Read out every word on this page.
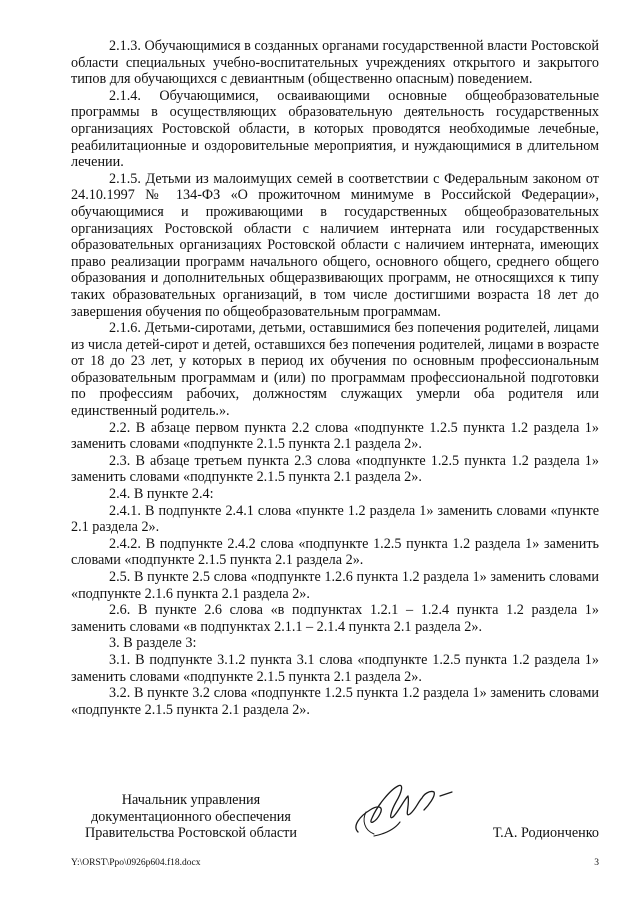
2.1.3. Обучающимися в созданных органами государственной власти Ростовской области специальных учебно-воспитательных учреждениях открытого и закрытого типов для обучающихся с девиантным (общественно опасным) поведением.

2.1.4. Обучающимися, осваивающими основные общеобразовательные программы в осуществляющих образовательную деятельность государственных организациях Ростовской области, в которых проводятся необходимые лечебные, реабилитационные и оздоровительные мероприятия, и нуждающимися в длительном лечении.

2.1.5. Детьми из малоимущих семей в соответствии с Федеральным законом от 24.10.1997 № 134-ФЗ «О прожиточном минимуме в Российской Федерации», обучающимися и проживающими в государственных общеобразовательных организациях Ростовской области с наличием интерната или государственных образовательных организациях Ростовской области с наличием интерната, имеющих право реализации программ начального общего, основного общего, среднего общего образования и дополнительных общеразвивающих программ, не относящихся к типу таких образовательных организаций, в том числе достигшими возраста 18 лет до завершения обучения по общеобразовательным программам.

2.1.6. Детьми-сиротами, детьми, оставшимися без попечения родителей, лицами из числа детей-сирот и детей, оставшихся без попечения родителей, лицами в возрасте от 18 до 23 лет, у которых в период их обучения по основным профессиональным образовательным программам и (или) по программам профессиональной подготовки по профессиям рабочих, должностям служащих умерли оба родителя или единственный родитель.».

2.2. В абзаце первом пункта 2.2 слова «подпункте 1.2.5 пункта 1.2 раздела 1» заменить словами «подпункте 2.1.5 пункта 2.1 раздела 2».

2.3. В абзаце третьем пункта 2.3 слова «подпункте 1.2.5 пункта 1.2 раздела 1» заменить словами «подпункте 2.1.5 пункта 2.1 раздела 2».

2.4. В пункте 2.4:

2.4.1. В подпункте 2.4.1 слова «пункте 1.2 раздела 1» заменить словами «пункте 2.1 раздела 2».

2.4.2. В подпункте 2.4.2 слова «подпункте 1.2.5 пункта 1.2 раздела 1» заменить словами «подпункте 2.1.5 пункта 2.1 раздела 2».

2.5. В пункте 2.5 слова «подпункте 1.2.6 пункта 1.2 раздела 1» заменить словами «подпункте 2.1.6 пункта 2.1 раздела 2».

2.6. В пункте 2.6 слова «в подпунктах 1.2.1 – 1.2.4 пункта 1.2 раздела 1» заменить словами «в подпунктах 2.1.1 – 2.1.4 пункта 2.1 раздела 2».

3. В разделе 3:

3.1. В подпункте 3.1.2 пункта 3.1 слова «подпункте 1.2.5 пункта 1.2 раздела 1» заменить словами «подпункте 2.1.5 пункта 2.1 раздела 2».

3.2. В пункте 3.2 слова «подпункте 1.2.5 пункта 1.2 раздела 1» заменить словами «подпункте 2.1.5 пункта 2.1 раздела 2».

Начальник управления
документационного обеспечения
Правительства Ростовской области	Т.А. Родионченко
Y:\ORST\Ppo\0926p604.f18.docx	3
